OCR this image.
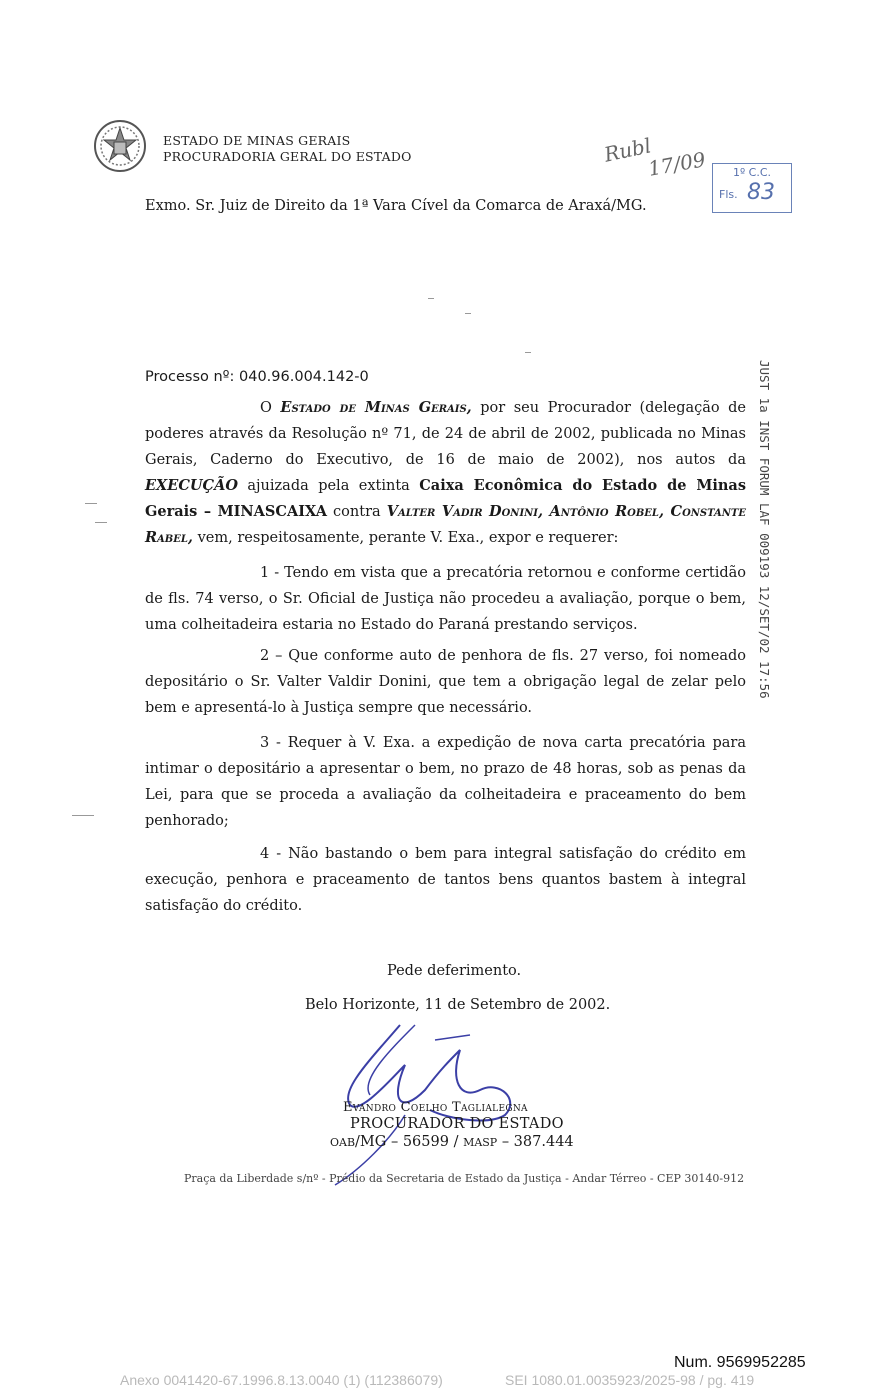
ESTADO DE MINAS GERAIS
PROCURADORIA GERAL DO ESTADO	Rubl
17/09 1º C.C.
Fls. 83
Exmo. Sr. Juiz de Direito da 1ª Vara Cível da Comarca de Araxá/MG.
JUST 1a INST FORUM LAF 009193 12/SET/02 17:56
Processo nº: 040.96.004.142-0
O Estado de Minas Gerais, por seu Procurador (delegação de poderes através da Resolução nº 71, de 24 de abril de 2002, publicada no Minas Gerais, Caderno do Executivo, de 16 de maio de 2002), nos autos da EXECUÇÃO ajuizada pela extinta Caixa Econômica do Estado de Minas Gerais – MINASCAIXA contra Valter Vadir Donini, Antônio Robel, Constante Rabel, vem, respeitosamente, perante V. Exa., expor e requerer:
1 - Tendo em vista que a precatória retornou e conforme certidão de fls. 74 verso, o Sr. Oficial de Justiça não procedeu a avaliação, porque o bem, uma colheitadeira estaria no Estado do Paraná prestando serviços.
2 – Que conforme auto de penhora de fls. 27 verso, foi nomeado depositário o Sr. Valter Valdir Donini, que tem a obrigação legal de zelar pelo bem e apresentá-lo à Justiça sempre que necessário.
3 - Requer à V. Exa. a expedição de nova carta precatória para intimar o depositário a apresentar o bem, no prazo de 48 horas, sob as penas da Lei, para que se proceda a avaliação da colheitadeira e praceamento do bem penhorado;
4 - Não bastando o bem para integral satisfação do crédito em execução, penhora e praceamento de tantos bens quantos bastem à integral satisfação do crédito.
Pede deferimento.
Belo Horizonte, 11 de Setembro de 2002.
Evandro Coelho Taglialegna
PROCURADOR DO ESTADO
OAB/MG – 56599 / MASP – 387.444
Praça da Liberdade s/nº - Prédio da Secretaria de Estado da Justiça - Andar Térreo - CEP 30140-912
Num. 9569952285
Anexo 0041420-67.1996.8.13.0040 (1) (112386079)	SEI 1080.01.0035923/2025-98 / pg. 419
